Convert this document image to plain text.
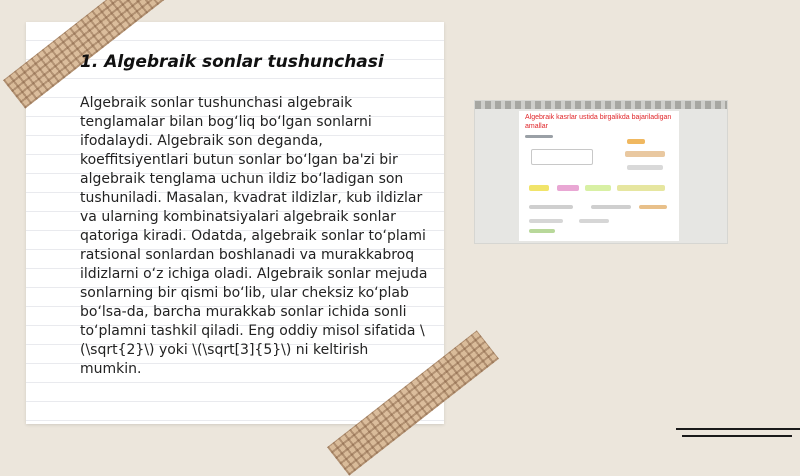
1. Algebraik sonlar tushunchasi

Algebraik sonlar tushunchasi algebraik tenglamalar bilan bog‘liq bo‘lgan sonlarni ifodalaydi. Algebraik son deganda, koeffitsiyentlari butun sonlar bo‘lgan ba'zi bir algebraik tenglama uchun ildiz bo‘ladigan son tushuniladi. Masalan, kvadrat ildizlar, kub ildizlar va ularning kombinatsiyalari algebraik sonlar qatoriga kiradi. Odatda, algebraik sonlar to‘plami ratsional sonlardan boshlanadi va murakkabroq ildizlarni o‘z ichiga oladi. Algebraik sonlar mejuda sonlarning bir qismi bo‘lib, ular cheksiz ko‘plab bo‘lsa-da, barcha murakkab sonlar ichida sonli to‘plamni tashkil qiladi. Eng oddiy misol sifatida \(\sqrt{2}\) yoki \(\sqrt[3]{5}\) ni keltirish mumkin.

Algebraik kasrlar ustida birgalikda bajariladigan amallar
